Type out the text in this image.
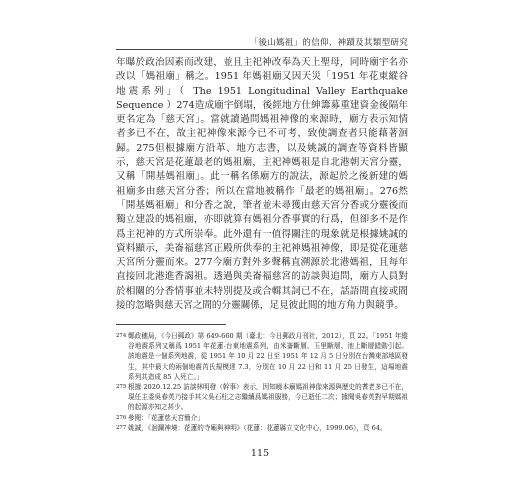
「後山媽祖」的信仰、神蹟及其類型研究

年曝於政治因素而改建，並且主祀神改奉為天上聖母，同時廟宇名亦改以「媽祖廟」稱之。1951 年媽祖廟又因天災「1951 年花東縱谷地震系列」（ The 1951 Longitudinal Valley Earthquake Sequence ）274造成廟宇倒塌，後經地方仕紳籌募重建資金後隔年更名定為「慈天宮」。當就讀過問媽祖神像的來源時，廟方表示知情者多已不在，故主祀神像來源今已不可考，致使調查者只能藉著洄歸。275但根據廟方沿革、地方志書，以及姚誠的調查等資料皆顯示，慈天宮是花蓮最老的媽祖廟，主祀神媽祖是自北港朝天宮分靈，又稱「開基媽祖廟」。此一稱名係廟方的說法，源起於之後新建的媽祖廟多由慈天宮分香；所以在當地被稱作「最老的媽祖廟」。276然「開基媽祖廟」和分香之說，筆者並未尋獲由慈天宮分香或分靈後而獨立建設的媽祖廟，亦即就算有媽祖分香事實的行爲，但卻多不是作爲主祀神的方式所崇奉。此外還有一值得關注的現象就是根據姚誠的資料顯示，美崙福慈宮正殿所供奉的主祀神媽祖神像，即是從花蓮慈天宮所分靈而來。277今廟方對外多聲稱直溯源於北港媽祖，且每年直接回北港進香謁祖。透過與美崙福慈宮的訪談與追問，廟方人員對於相關的分香情事並未特別提及或合輯其詞已不在，話語間直接或間接的忽略與慈天宮之間的分靈關係，足見彼此間的地方角力與競爭。

274 鄭政穗局，《今日郵政》第 649-660 期（臺北：今日郵政月刊社，2012），頁 22。「1951 年縱谷地震系列又稱爲 1951 年花蓮-台東地震系列，由米崙斷層、玉里斷層、池上斷層錯動引起。該地震是一個系列地震，從 1951 年 10 月 22 日至 1951 年 12 月 5 日分別在台灣東部地區發生，其中最大的兩個地震芮氏規模達 7.3，分別在 10 月 22 日和 11 月 25 日發生，這場地震系列共造成 85 人死亡。」
275 根據 2020.12.25 訪談林明發（幹事）表示，因知曉本廟媽祖神像來源與歷史的耆老多已不在，現任主委吳春英乃接手其父吳石柱之志繼續爲媽祖服務，今已逝任二次；據聞吳春英對早期媽祖的起源亦知之甚少。
276 參閱：「花蓮慈天宮簡介」
277 姚誠，《洄瀾神境：花蓮的寺廟與神明》（花蓮：花蓮縣立文化中心，1999.06），頁 64。
115
